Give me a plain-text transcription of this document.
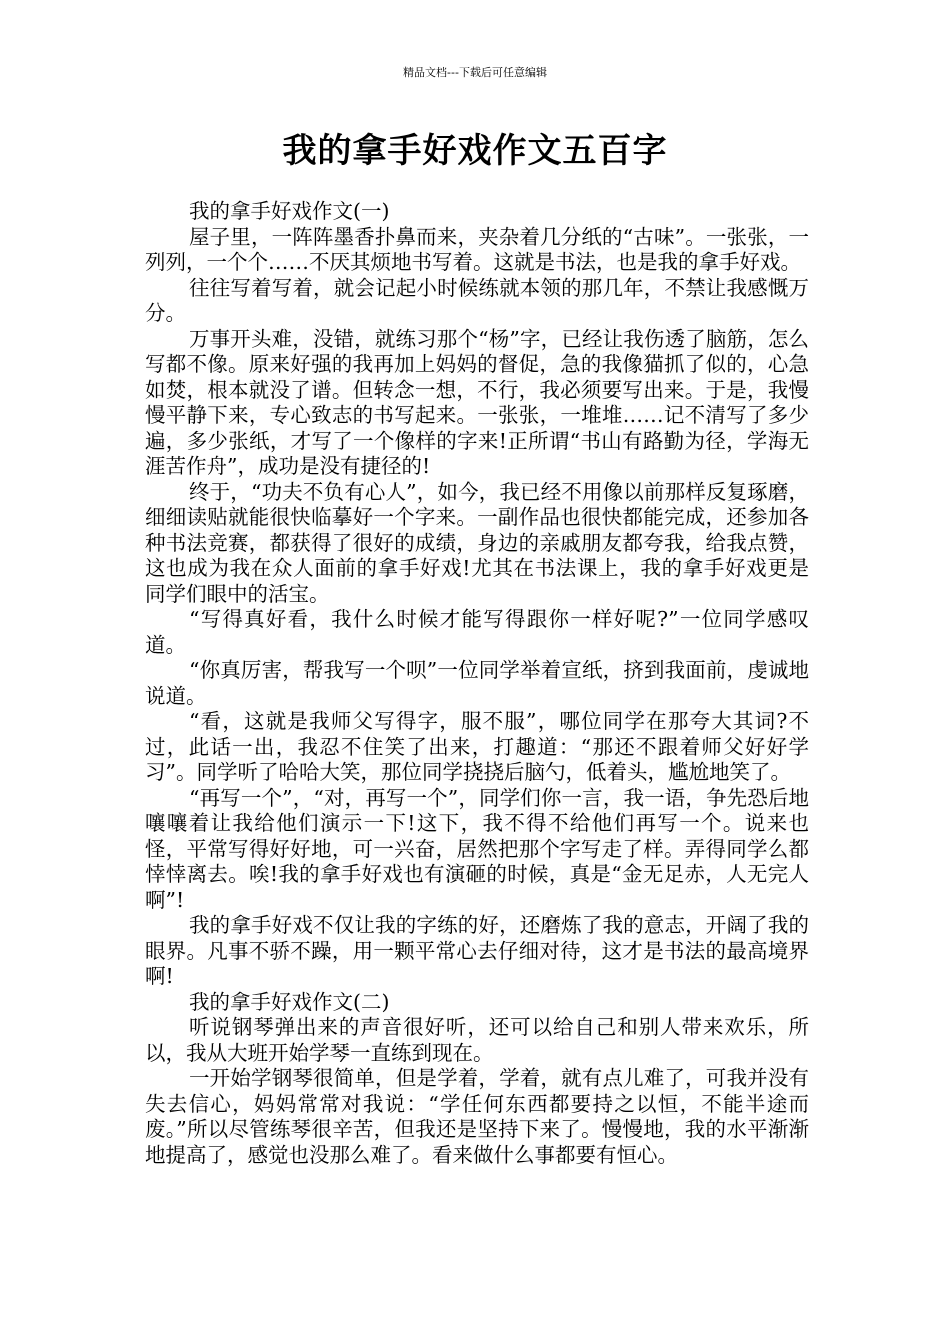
精品文档---下载后可任意编辑
我的拿手好戏作文五百字

我的拿手好戏作文(一)

屋子里，一阵阵墨香扑鼻而来，夹杂着几分纸的“古味”。一张张，一列列，一个个……不厌其烦地书写着。这就是书法，也是我的拿手好戏。

往往写着写着，就会记起小时候练就本领的那几年，不禁让我感慨万分。

万事开头难，没错，就练习那个“杨”字，已经让我伤透了脑筋，怎么写都不像。原来好强的我再加上妈妈的督促，急的我像猫抓了似的，心急如焚，根本就没了谱。但转念一想，不行，我必须要写出来。于是，我慢慢平静下来，专心致志的书写起来。一张张，一堆堆……记不清写了多少遍，多少张纸，才写了一个像样的字来!正所谓“书山有路勤为径，学海无涯苦作舟”，成功是没有捷径的!

终于，“功夫不负有心人”，如今，我已经不用像以前那样反复琢磨，细细读贴就能很快临摹好一个字来。一副作品也很快都能完成，还参加各种书法竞赛，都获得了很好的成绩，身边的亲戚朋友都夸我，给我点赞，这也成为我在众人面前的拿手好戏!尤其在书法课上，我的拿手好戏更是同学们眼中的活宝。

“写得真好看，我什么时候才能写得跟你一样好呢?”一位同学感叹道。

“你真厉害，帮我写一个呗”一位同学举着宣纸，挤到我面前，虔诚地说道。

“看，这就是我师父写得字，服不服”，哪位同学在那夸大其词?不过，此话一出，我忍不住笑了出来，打趣道：“那还不跟着师父好好学习”。同学听了哈哈大笑，那位同学挠挠后脑勺，低着头，尴尬地笑了。

“再写一个”，“对，再写一个”，同学们你一言，我一语，争先恐后地嚷嚷着让我给他们演示一下!这下，我不得不给他们再写一个。说来也怪，平常写得好好地，可一兴奋，居然把那个字写走了样。弄得同学么都悻悻离去。唉!我的拿手好戏也有演砸的时候，真是“金无足赤，人无完人啊”!

我的拿手好戏不仅让我的字练的好，还磨炼了我的意志，开阔了我的眼界。凡事不骄不躁，用一颗平常心去仔细对待，这才是书法的最高境界啊!

我的拿手好戏作文(二)

听说钢琴弹出来的声音很好听，还可以给自己和别人带来欢乐，所以，我从大班开始学琴一直练到现在。

一开始学钢琴很简单，但是学着，学着，就有点儿难了，可我并没有失去信心，妈妈常常对我说：“学任何东西都要持之以恒，不能半途而废。”所以尽管练琴很辛苦，但我还是坚持下来了。慢慢地，我的水平渐渐地提高了，感觉也没那么难了。看来做什么事都要有恒心。
